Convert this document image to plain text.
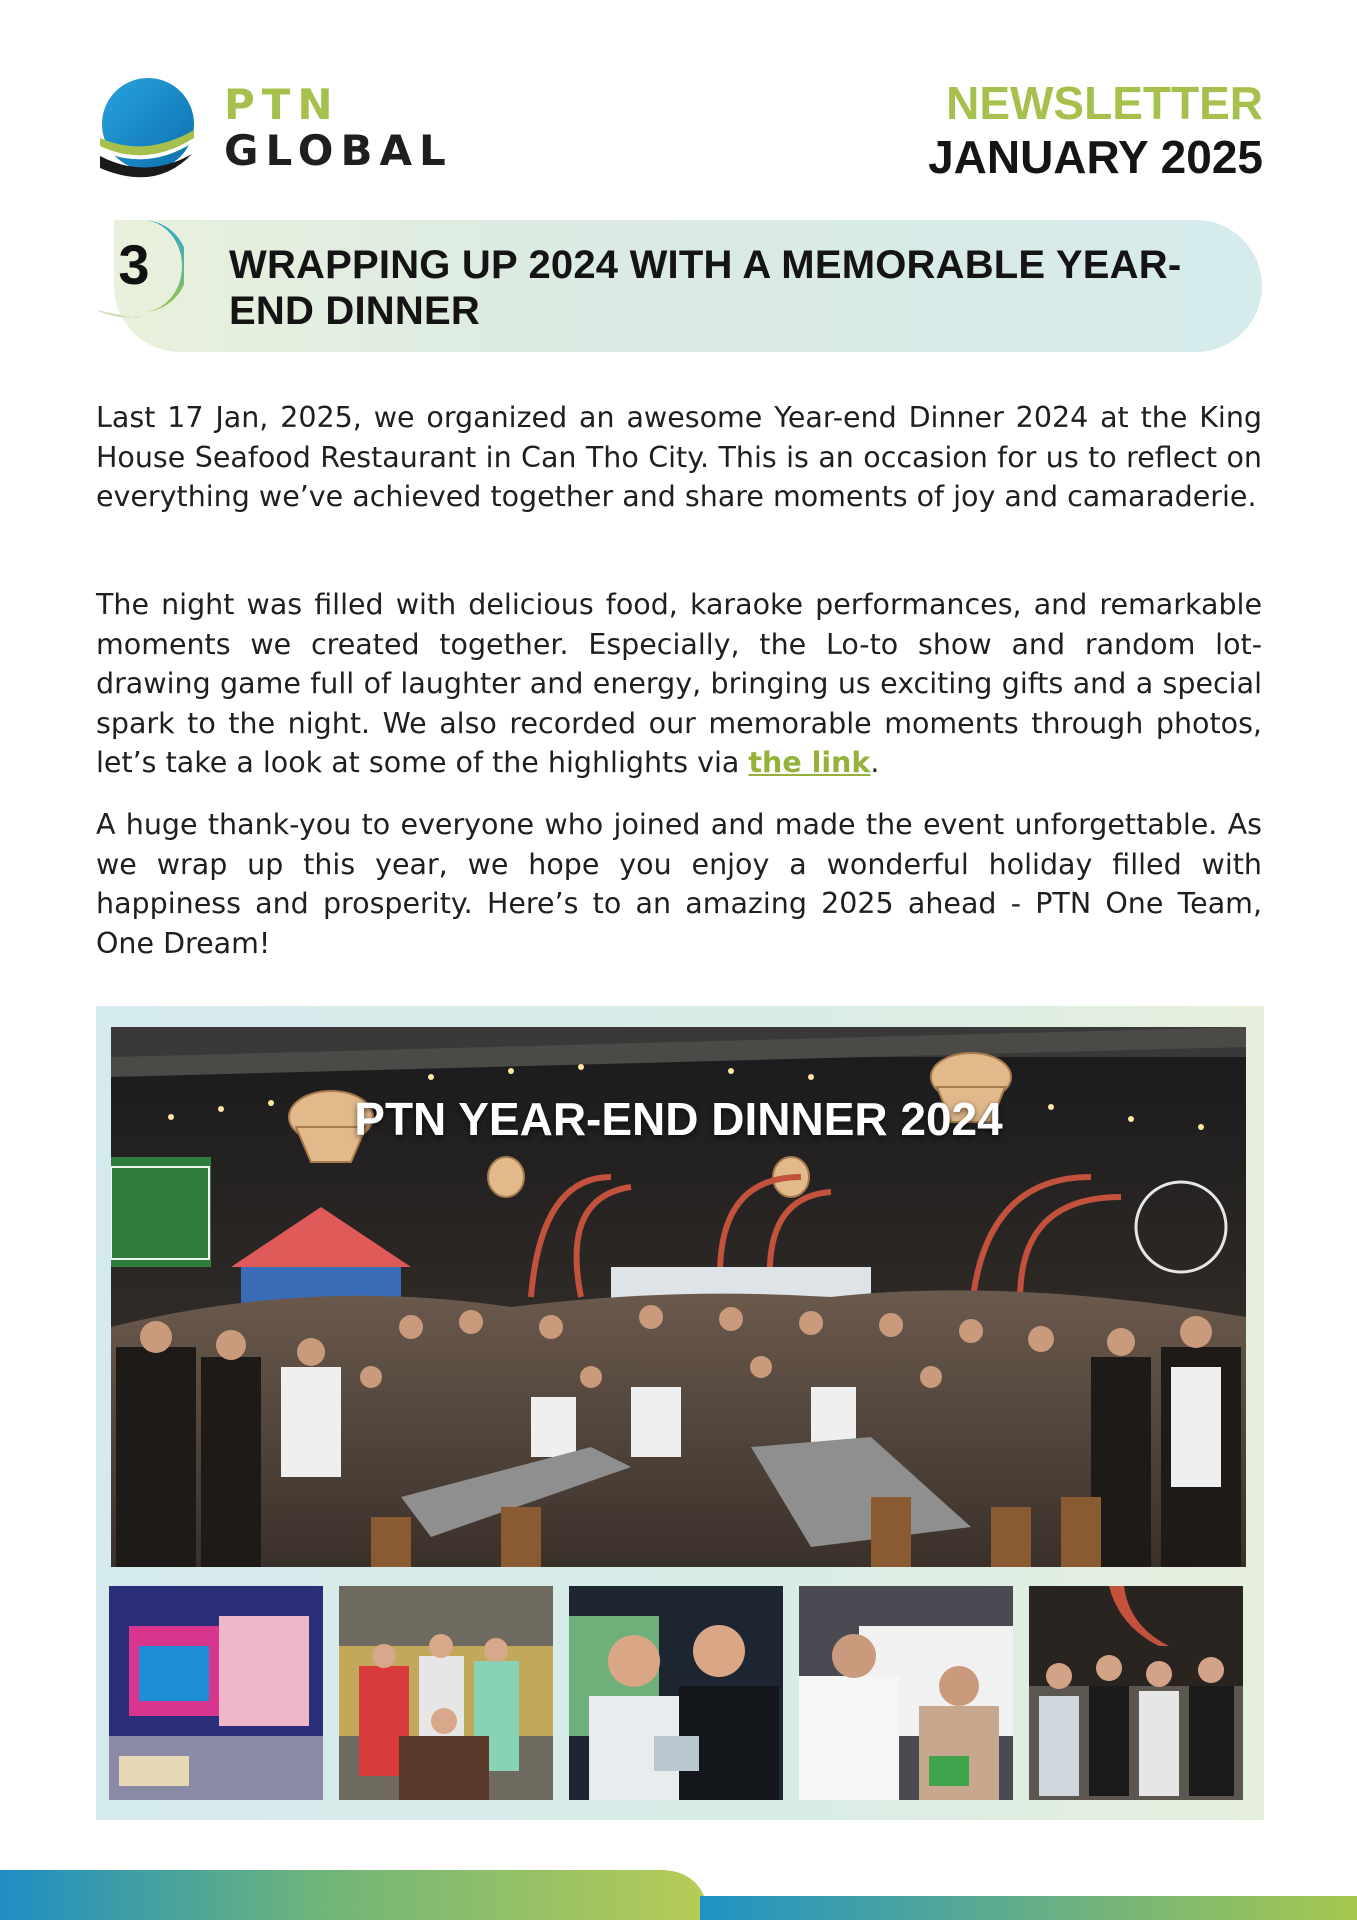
PTN
GLOBAL
NEWSLETTER
JANUARY 2025
3 WRAPPING UP 2024 WITH A MEMORABLE YEAR-END DINNER

Last 17 Jan, 2025, we organized an awesome Year-end Dinner 2024 at the King House Seafood Restaurant in Can Tho City. This is an occasion for us to reflect on everything we’ve achieved together and share moments of joy and camaraderie.

The night was filled with delicious food, karaoke performances, and remarkable moments we created together. Especially, the Lo-to show and random lot-drawing game full of laughter and energy, bringing us exciting gifts and a special spark to the night. We also recorded our memorable moments through photos, let’s take a look at some of the highlights via the link.

A huge thank-you to everyone who joined and made the event unforgettable. As we wrap up this year, we hope you enjoy a wonderful holiday filled with happiness and prosperity. Here’s to an amazing 2025 ahead - PTN One Team, One Dream!

PTN YEAR-END DINNER 2024
